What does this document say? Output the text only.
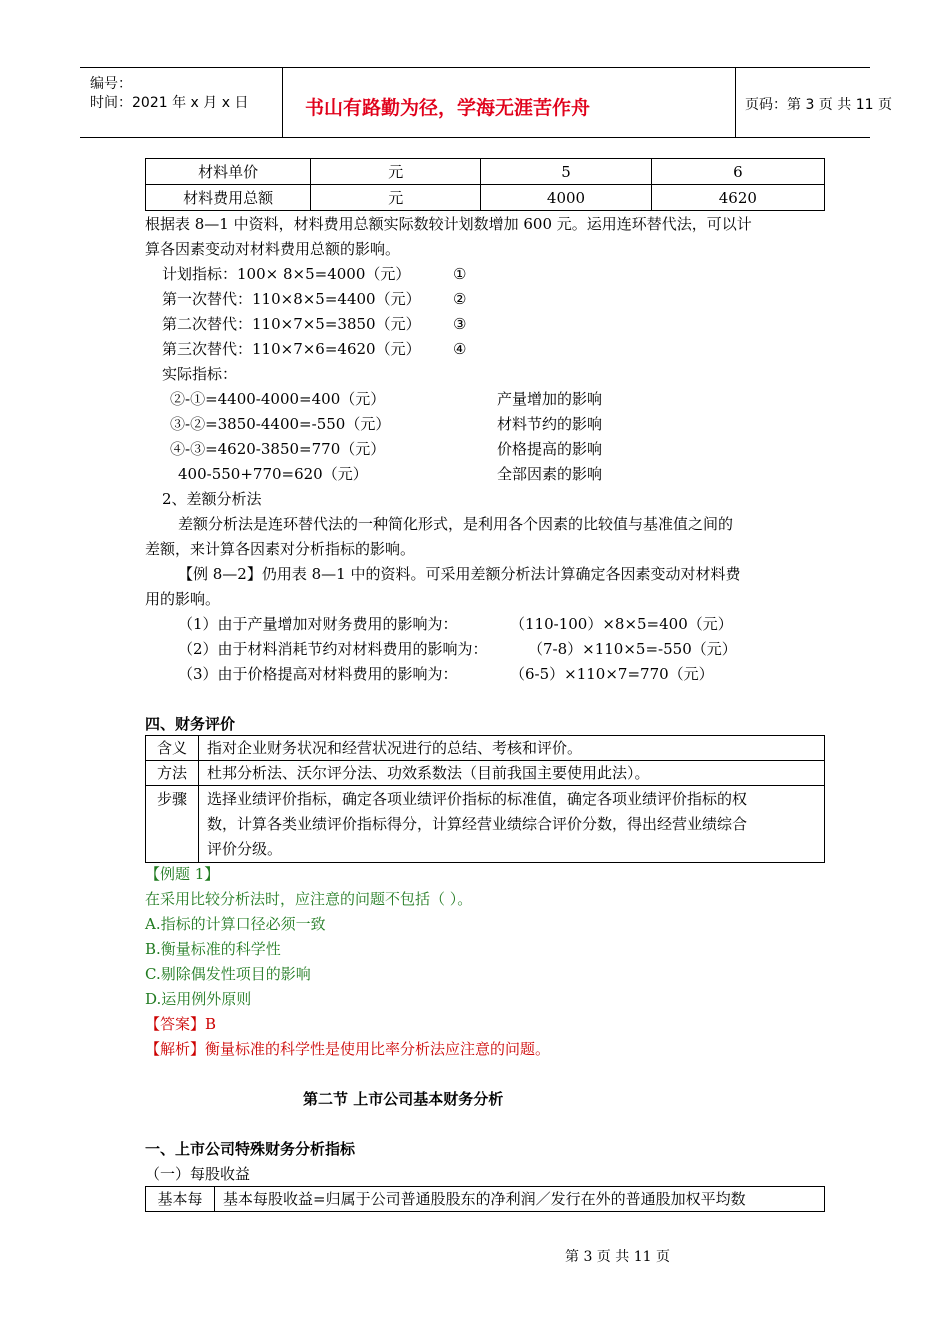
编号：
时间：2021 年 x 月 x 日	书山有路勤为径，学海无涯苦作舟	页码：第 3 页 共 11 页
材料单价	元	5	6
材料费用总额	元	4000	4620
根据表 8—1 中资料，材料费用总额实际数较计划数增加 600 元。运用连环替代法，可以计
算各因素变动对材料费用总额的影响。
计划指标：100× 8×5=4000（元）	①
第一次替代：110×8×5=4400（元） ②
第二次替代：110×7×5=3850（元） ③
第三次替代：110×7×6=4620（元） ④
实际指标：
②-①=4400-4000=400（元）	产量增加的影响
③-②=3850-4400=-550（元）	材料节约的影响
④-③=4620-3850=770（元）	价格提高的影响
400-550+770=620（元）	全部因素的影响
2、差额分析法
差额分析法是连环替代法的一种简化形式，是利用各个因素的比较值与基准值之间的
差额，来计算各因素对分析指标的影响。
【例 8—2】仍用表 8—1 中的资料。可采用差额分析法计算确定各因素变动对材料费
用的影响。
（1）由于产量增加对财务费用的影响为：	（110-100）×8×5=400（元）
（2）由于材料消耗节约对材料费用的影响为：	（7-8）×110×5=-550（元）
（3）由于价格提高对材料费用的影响为：	（6-5）×110×7=770（元）
四、财务评价
含义	指对企业财务状况和经营状况进行的总结、考核和评价。
方法	杜邦分析法、沃尔评分法、功效系数法（目前我国主要使用此法）。
步骤	选择业绩评价指标，确定各项业绩评价指标的标准值，确定各项业绩评价指标的权
数，计算各类业绩评价指标得分，计算经营业绩综合评价分数，得出经营业绩综合
评价分级。
【例题 1】
在采用比较分析法时，应注意的问题不包括（ ）。
A.指标的计算口径必须一致
B.衡量标准的科学性
C.剔除偶发性项目的影响
D.运用例外原则
【答案】B
【解析】衡量标准的科学性是使用比率分析法应注意的问题。
第二节 上市公司基本财务分析
一、上市公司特殊财务分析指标
（一）每股收益
基本每	基本每股收益=归属于公司普通股股东的净利润／发行在外的普通股加权平均数
第 3 页 共 11 页
